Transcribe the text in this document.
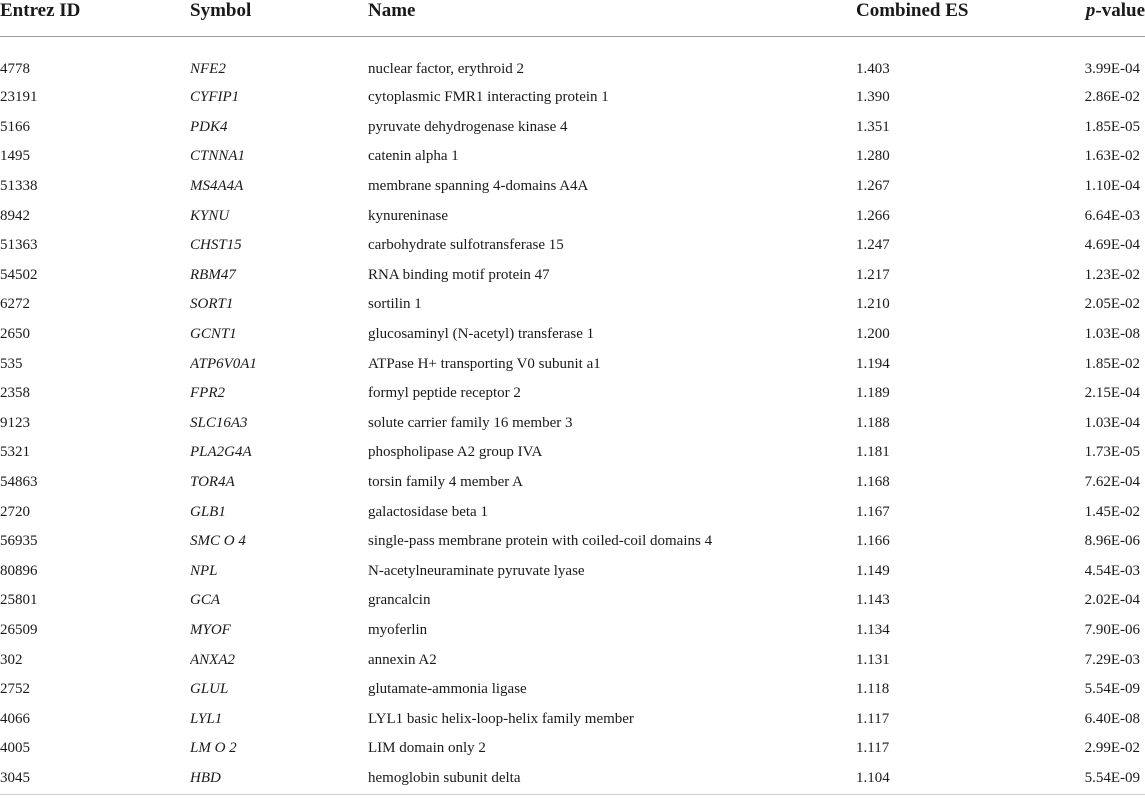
Entrez ID	Symbol	Name	Combined ES	p-value
4778	NFE2	nuclear factor, erythroid 2	1.403	3.99E-04
23191	CYFIP1	cytoplasmic FMR1 interacting protein 1	1.390	2.86E-02
5166	PDK4	pyruvate dehydrogenase kinase 4	1.351	1.85E-05
1495	CTNNA1	catenin alpha 1	1.280	1.63E-02
51338	MS4A4A	membrane spanning 4-domains A4A	1.267	1.10E-04
8942	KYNU	kynureninase	1.266	6.64E-03
51363	CHST15	carbohydrate sulfotransferase 15	1.247	4.69E-04
54502	RBM47	RNA binding motif protein 47	1.217	1.23E-02
6272	SORT1	sortilin 1	1.210	2.05E-02
2650	GCNT1	glucosaminyl (N-acetyl) transferase 1	1.200	1.03E-08
535	ATP6V0A1	ATPase H+ transporting V0 subunit a1	1.194	1.85E-02
2358	FPR2	formyl peptide receptor 2	1.189	2.15E-04
9123	SLC16A3	solute carrier family 16 member 3	1.188	1.03E-04
5321	PLA2G4A	phospholipase A2 group IVA	1.181	1.73E-05
54863	TOR4A	torsin family 4 member A	1.168	7.62E-04
2720	GLB1	galactosidase beta 1	1.167	1.45E-02
56935	SMC O 4	single-pass membrane protein with coiled-coil domains 4	1.166	8.96E-06
80896	NPL	N-acetylneuraminate pyruvate lyase	1.149	4.54E-03
25801	GCA	grancalcin	1.143	2.02E-04
26509	MYOF	myoferlin	1.134	7.90E-06
302	ANXA2	annexin A2	1.131	7.29E-03
2752	GLUL	glutamate-ammonia ligase	1.118	5.54E-09
4066	LYL1	LYL1 basic helix-loop-helix family member	1.117	6.40E-08
4005	LM O 2	LIM domain only 2	1.117	2.99E-02
3045	HBD	hemoglobin subunit delta	1.104	5.54E-09
